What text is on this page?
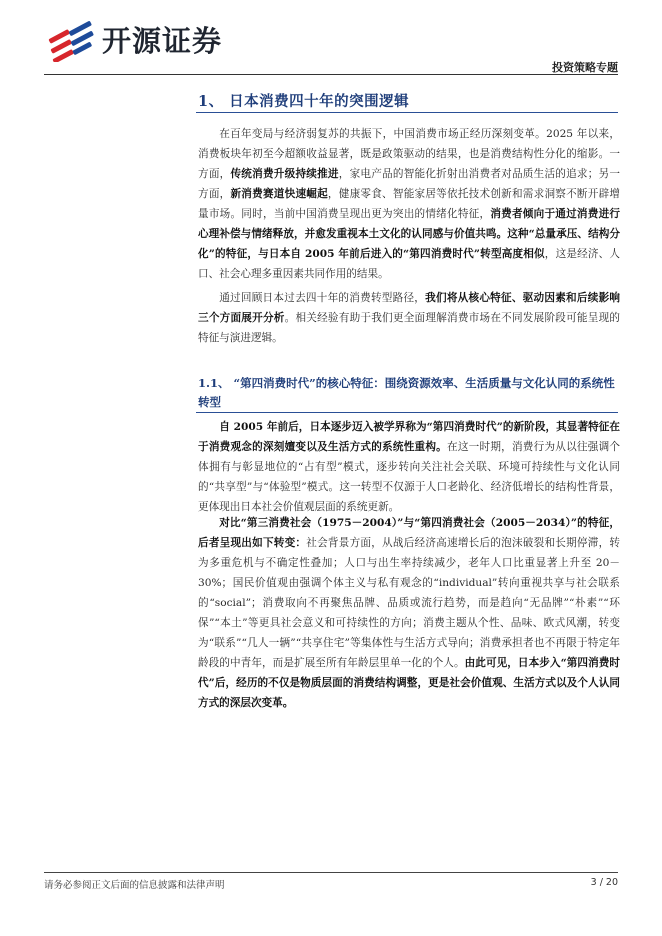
开源证券
投资策略专题
1、 日本消费四十年的突围逻辑

在百年变局与经济弱复苏的共振下，中国消费市场正经历深刻变革。2025 年以来，消费板块年初至今超额收益显著，既是政策驱动的结果，也是消费结构性分化的缩影。一方面，传统消费升级持续推进，家电产品的智能化折射出消费者对品质生活的追求；另一方面，新消费赛道快速崛起，健康零食、智能家居等依托技术创新和需求洞察不断开辟增量市场。同时，当前中国消费呈现出更为突出的情绪化特征，消费者倾向于通过消费进行心理补偿与情绪释放，并愈发重视本土文化的认同感与价值共鸣。这种“总量承压、结构分化”的特征，与日本自 2005 年前后进入的“第四消费时代”转型高度相似，这是经济、人口、社会心理多重因素共同作用的结果。

通过回顾日本过去四十年的消费转型路径，我们将从核心特征、驱动因素和后续影响三个方面展开分析。相关经验有助于我们更全面理解消费市场在不同发展阶段可能呈现的特征与演进逻辑。

1.1、 “第四消费时代”的核心特征：围绕资源效率、生活质量与文化认同的系统性转型

自 2005 年前后，日本逐步迈入被学界称为“第四消费时代”的新阶段，其显著特征在于消费观念的深刻嬗变以及生活方式的系统性重构。在这一时期，消费行为从以往强调个体拥有与彰显地位的“占有型”模式，逐步转向关注社会关联、环境可持续性与文化认同的“共享型”与“体验型”模式。这一转型不仅源于人口老龄化、经济低增长的结构性背景，更体现出日本社会价值观层面的系统更新。

对比“第三消费社会（1975－2004）”与“第四消费社会（2005－2034）”的特征，后者呈现出如下转变：社会背景方面，从战后经济高速增长后的泡沫破裂和长期停滞，转为多重危机与不确定性叠加；人口与出生率持续减少，老年人口比重显著上升至 20－30%；国民价值观由强调个体主义与私有观念的“individual”转向重视共享与社会联系的“social”；消费取向不再聚焦品牌、品质或流行趋势，而是趋向“无品牌”“朴素”“环保”“本土”等更具社会意义和可持续性的方向；消费主题从个性、品味、欧式风潮，转变为“联系”“几人一辆”“共享住宅”等集体性与生活方式导向；消费承担者也不再限于特定年龄段的中青年，而是扩展至所有年龄层里单一化的个人。由此可见，日本步入“第四消费时代”后，经历的不仅是物质层面的消费结构调整，更是社会价值观、生活方式以及个人认同方式的深层次变革。

请务必参阅正文后面的信息披露和法律声明	3 / 20
